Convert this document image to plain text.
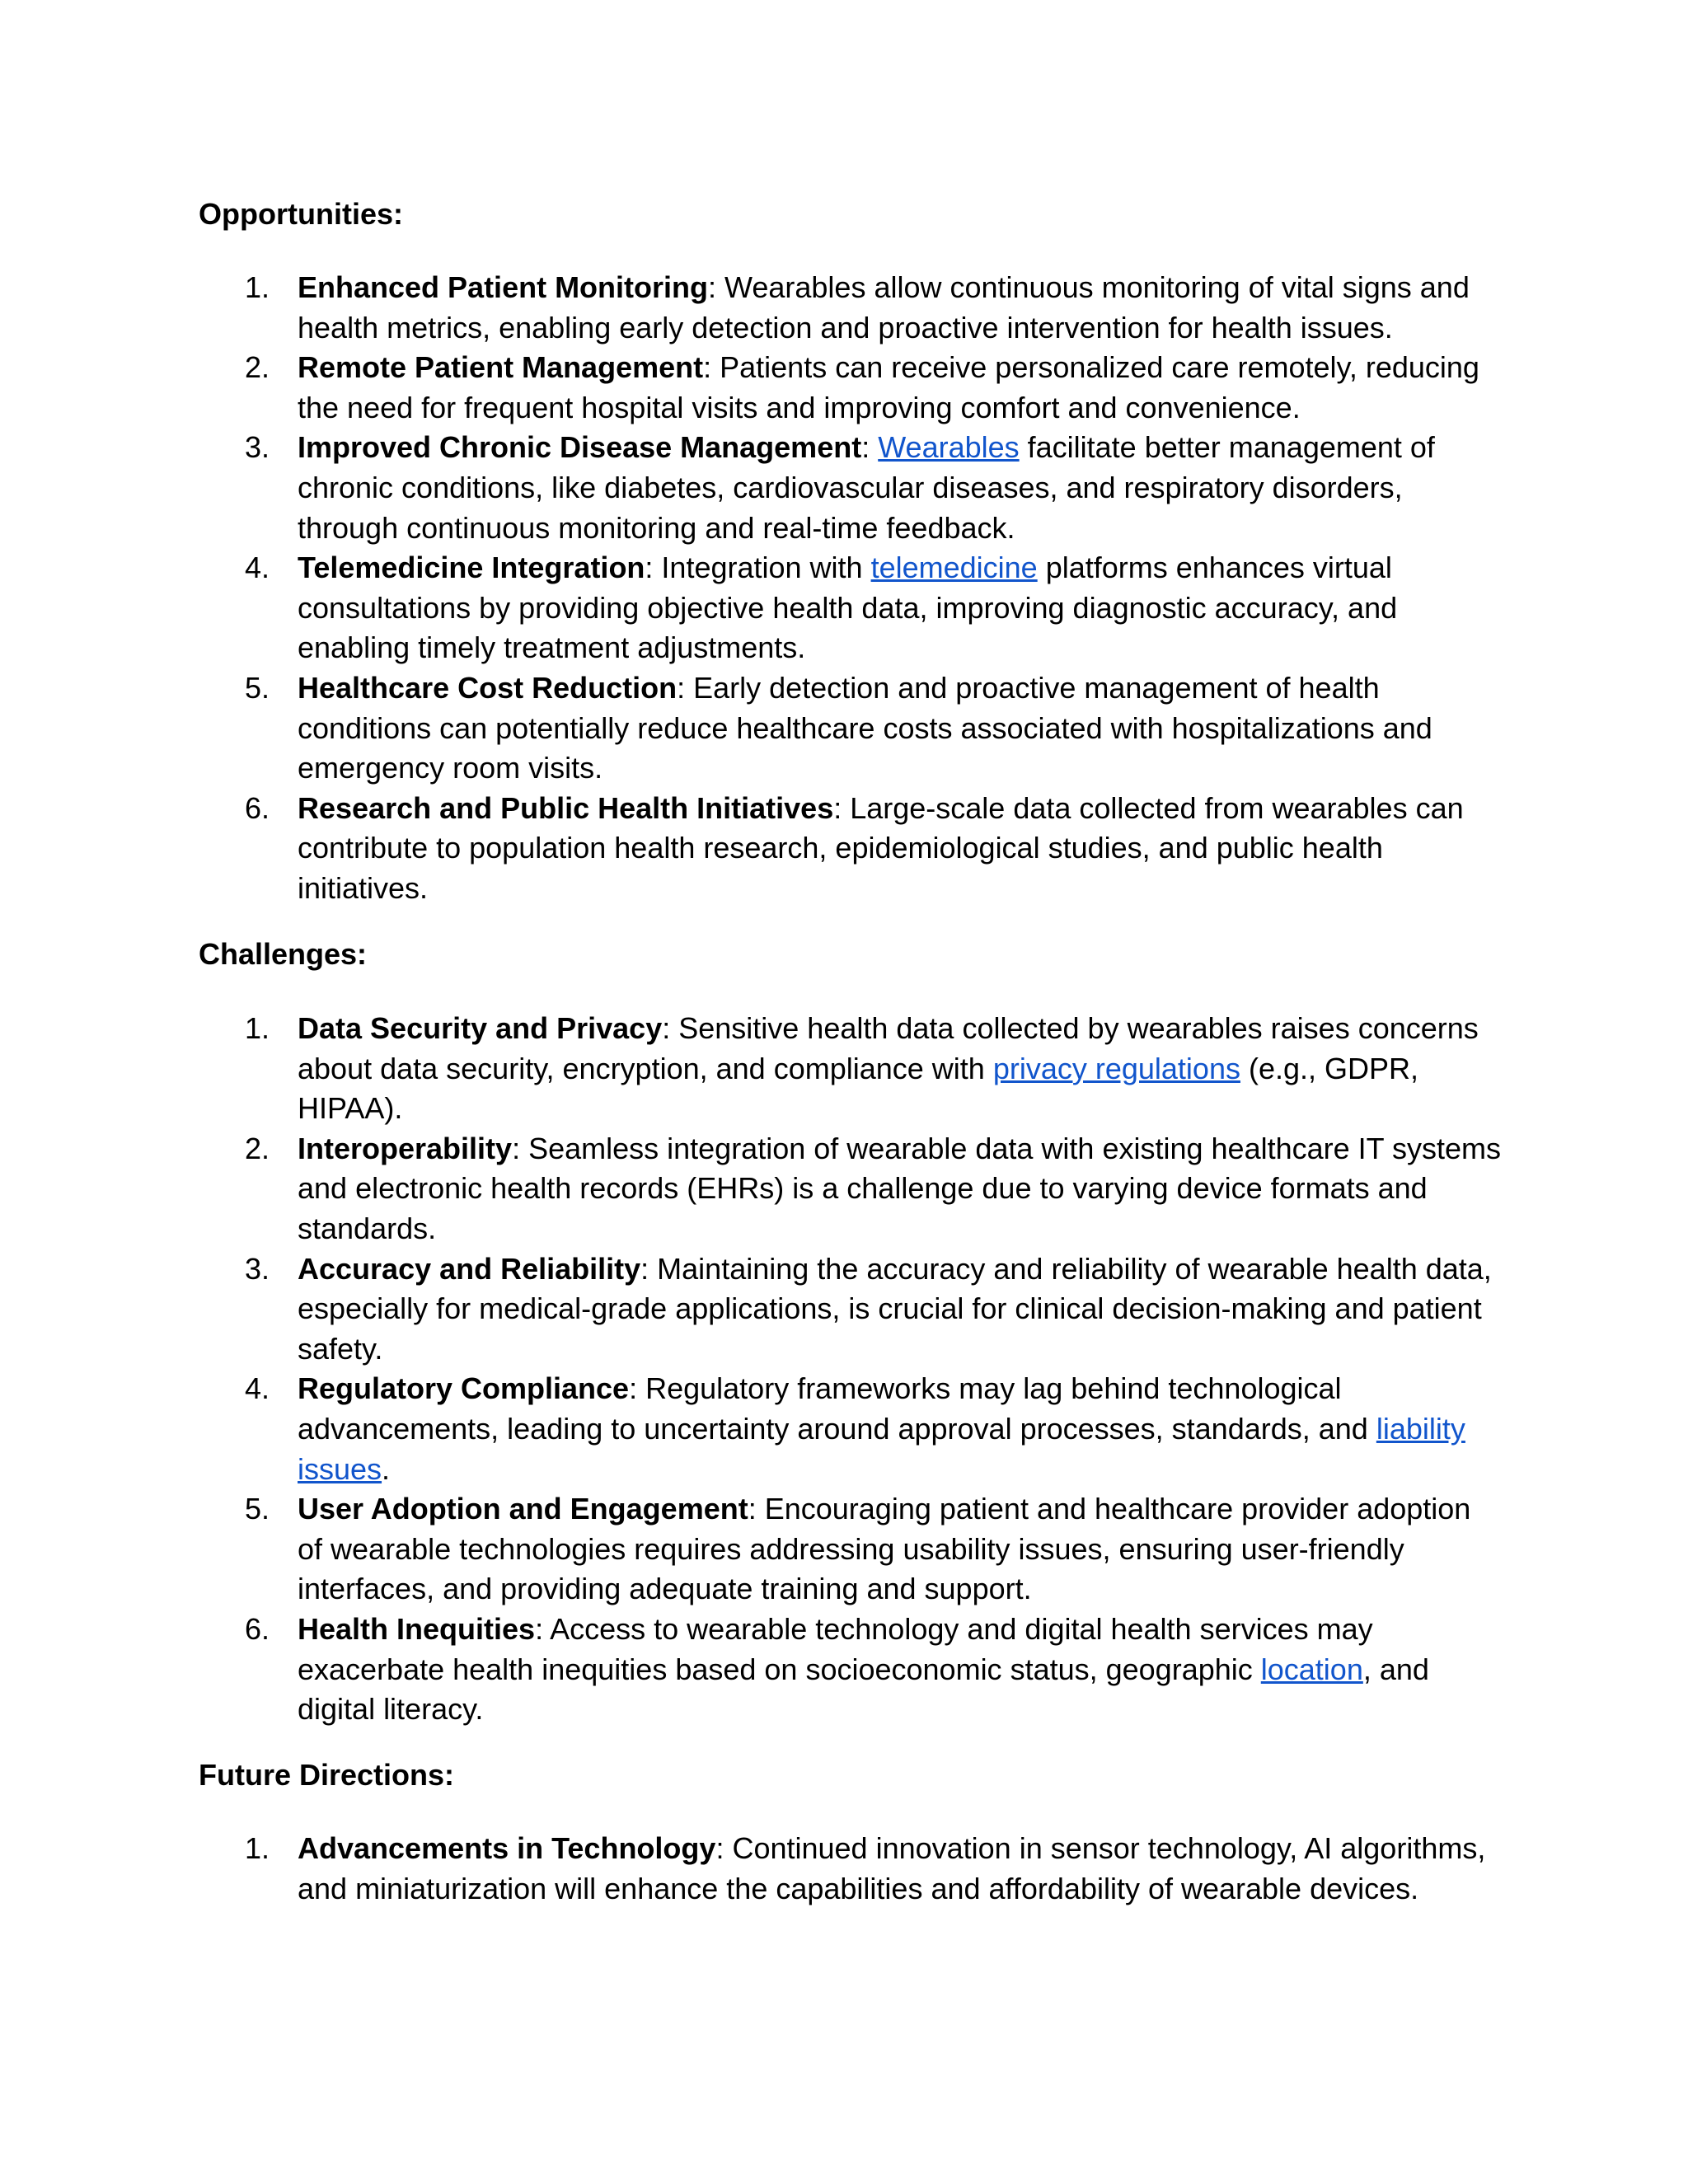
Opportunities:
1. Enhanced Patient Monitoring: Wearables allow continuous monitoring of vital signs and health metrics, enabling early detection and proactive intervention for health issues.
2. Remote Patient Management: Patients can receive personalized care remotely, reducing the need for frequent hospital visits and improving comfort and convenience.
3. Improved Chronic Disease Management: Wearables facilitate better management of chronic conditions, like diabetes, cardiovascular diseases, and respiratory disorders, through continuous monitoring and real-time feedback.
4. Telemedicine Integration: Integration with telemedicine platforms enhances virtual consultations by providing objective health data, improving diagnostic accuracy, and enabling timely treatment adjustments.
5. Healthcare Cost Reduction: Early detection and proactive management of health conditions can potentially reduce healthcare costs associated with hospitalizations and emergency room visits.
6. Research and Public Health Initiatives: Large-scale data collected from wearables can contribute to population health research, epidemiological studies, and public health initiatives.
Challenges:
1. Data Security and Privacy: Sensitive health data collected by wearables raises concerns about data security, encryption, and compliance with privacy regulations (e.g., GDPR, HIPAA).
2. Interoperability: Seamless integration of wearable data with existing healthcare IT systems and electronic health records (EHRs) is a challenge due to varying device formats and standards.
3. Accuracy and Reliability: Maintaining the accuracy and reliability of wearable health data, especially for medical-grade applications, is crucial for clinical decision-making and patient safety.
4. Regulatory Compliance: Regulatory frameworks may lag behind technological advancements, leading to uncertainty around approval processes, standards, and liability issues.
5. User Adoption and Engagement: Encouraging patient and healthcare provider adoption of wearable technologies requires addressing usability issues, ensuring user-friendly interfaces, and providing adequate training and support.
6. Health Inequities: Access to wearable technology and digital health services may exacerbate health inequities based on socioeconomic status, geographic location, and digital literacy.
Future Directions:
1. Advancements in Technology: Continued innovation in sensor technology, AI algorithms, and miniaturization will enhance the capabilities and affordability of wearable devices.
